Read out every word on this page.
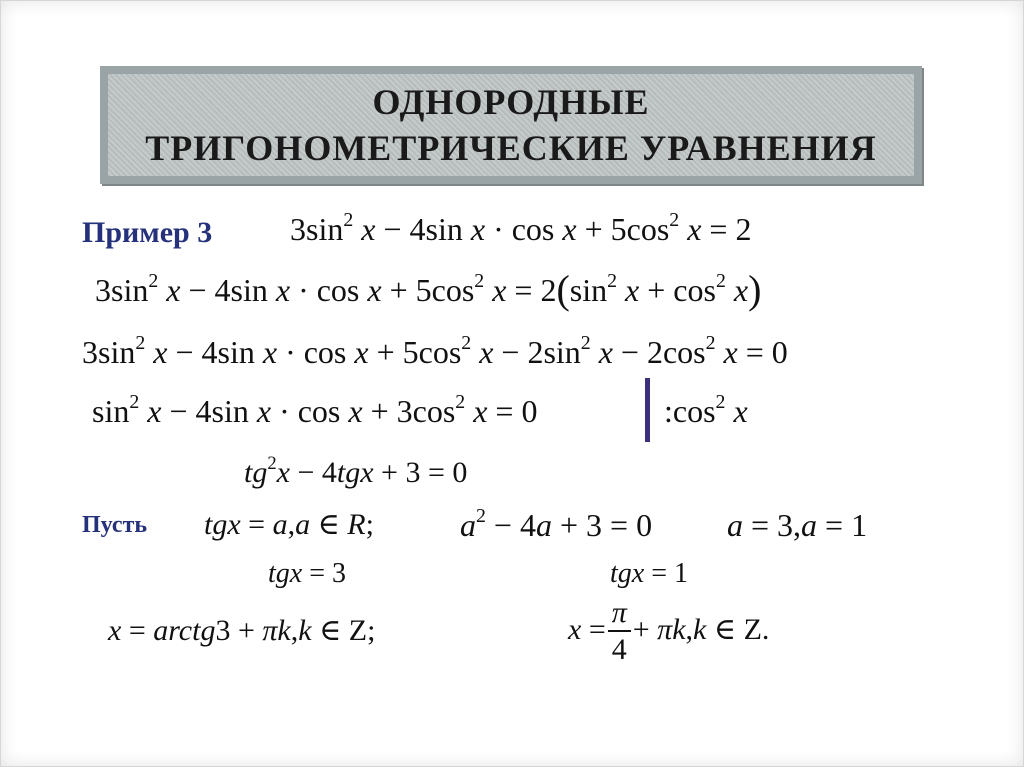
ОДНОРОДНЫЕ
ТРИГОНОМЕТРИЧЕСКИЕ УРАВНЕНИЯ
Пример 3 $3\sin^2$ x − 4sin $x \cdot \cos x + 5\cos^2$ x = 2
$3\sin^2$ x − 4sin $x \cdot \cos x + 5\cos^2$ $x = 2(\sin^2$ $x + \cos^2 x$)
$3\sin^2$ x − 4sin $x \cdot \cos x + 5\cos^2$ $x - 2\sin^2$ $x - 2\cos^2$ x = 0
$\sin^2 x - 4\sin$ $x \cdot \cos x + 3\cos^2$ x = 0	$:\cos^2$ x
$tg^2x - 4tgx + 3 = 0$
Пусть tgx = a,a ∈ R;	$a^2 - 4a + 3 = 0$ a = 3,a = 1
tgx = 3	tgx = 1
x = arctg3 + πk,k ∈ Z;	$x = \frac{\pi}{4} + \pi k,k$ ∈ Z.
